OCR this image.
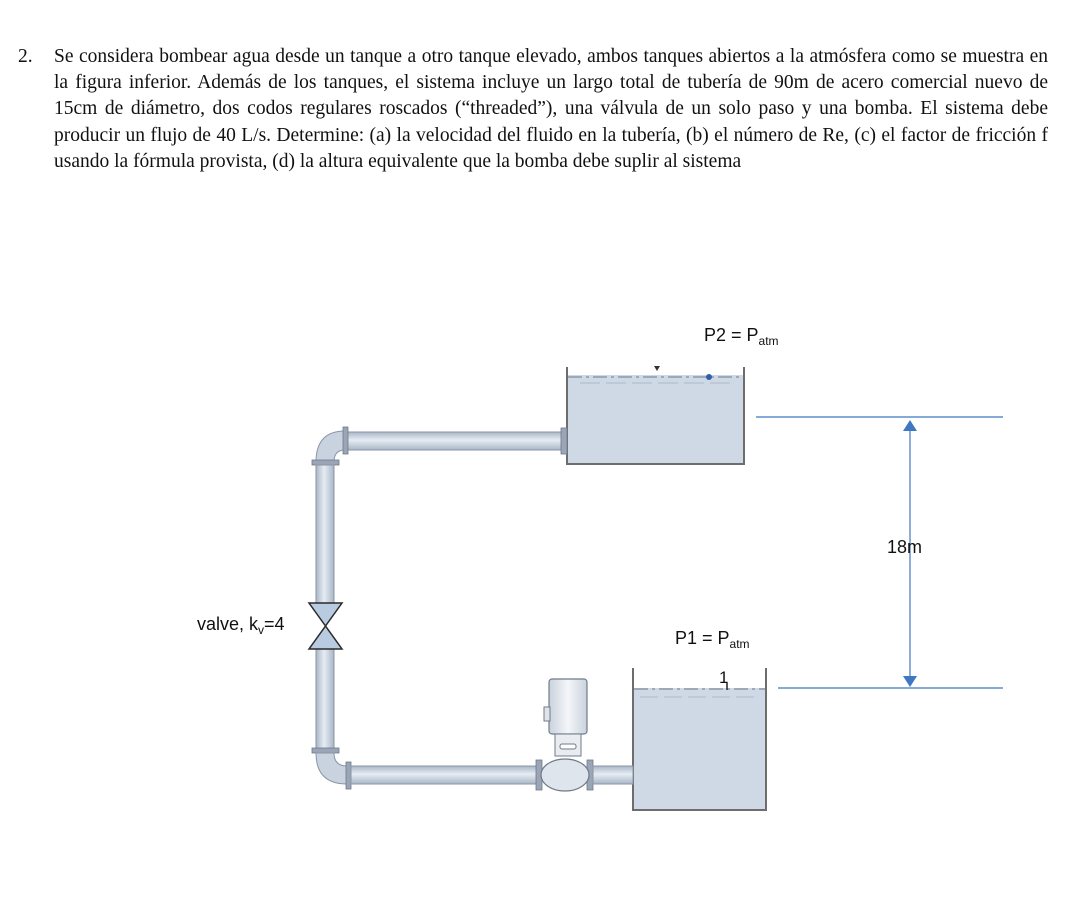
2.	Se considera bombear agua desde un tanque a otro tanque elevado, ambos tanques abiertos a la atmósfera como se muestra en la figura inferior. Además de los tanques, el sistema incluye un largo total de tubería de 90m de acero comercial nuevo de 15cm de diámetro, dos codos regulares roscados (“threaded”), una válvula de un solo paso y una bomba. El sistema debe producir un flujo de 40 L/s. Determine: (a) la velocidad del fluido en la tubería, (b) el número de Re, (c) el factor de fricción f usando la fórmula provista, (d) la altura equivalente que la bomba debe suplir al sistema

$P2 = P_{atm}$
$P1 = P_{atm}$
1
valve, $k_v=4$
18m
